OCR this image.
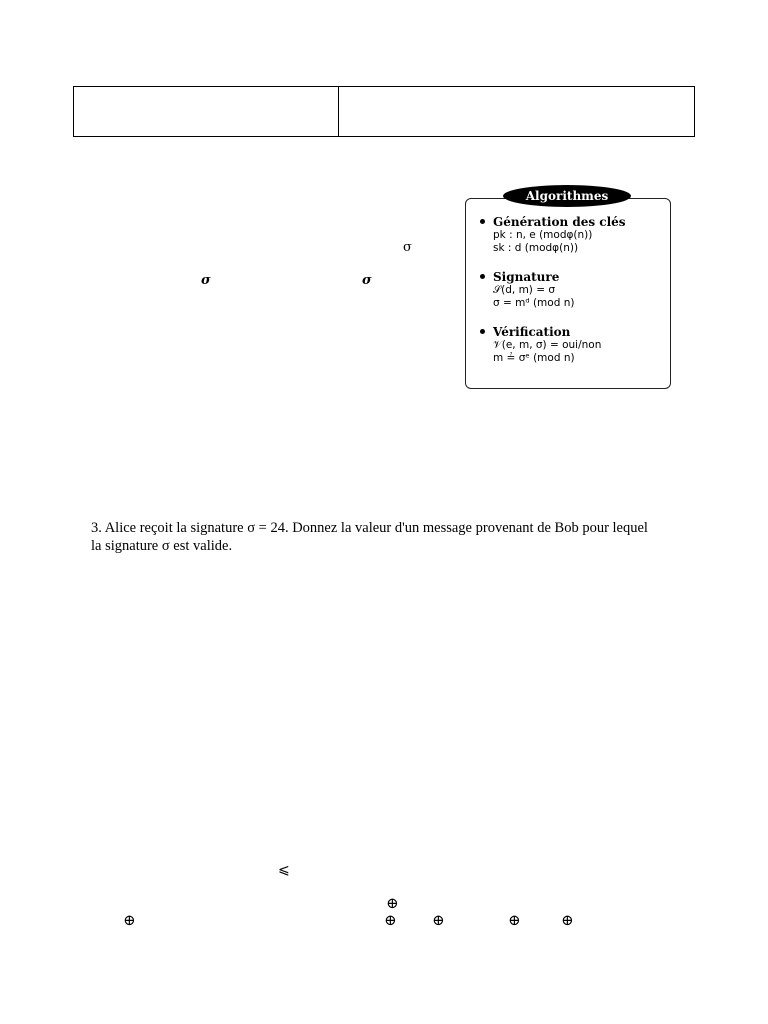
σ
σ	σ
Génération des clés
pk : n, e (modφ(n))
sk : d (modφ(n))
Signature
𝒮(d, m) = σ
σ = mᵈ (mod n)
Vérification
𝒱(e, m, σ) = oui/non
m ≟ σᵉ (mod n)
Algorithmes
3. Alice reçoit la signature σ = 24. Donnez la valeur d'un message provenant de Bob pour lequel
la signature σ est valide.
⩽
⊕
⊕	⊕ ⊕	⊕	⊕
